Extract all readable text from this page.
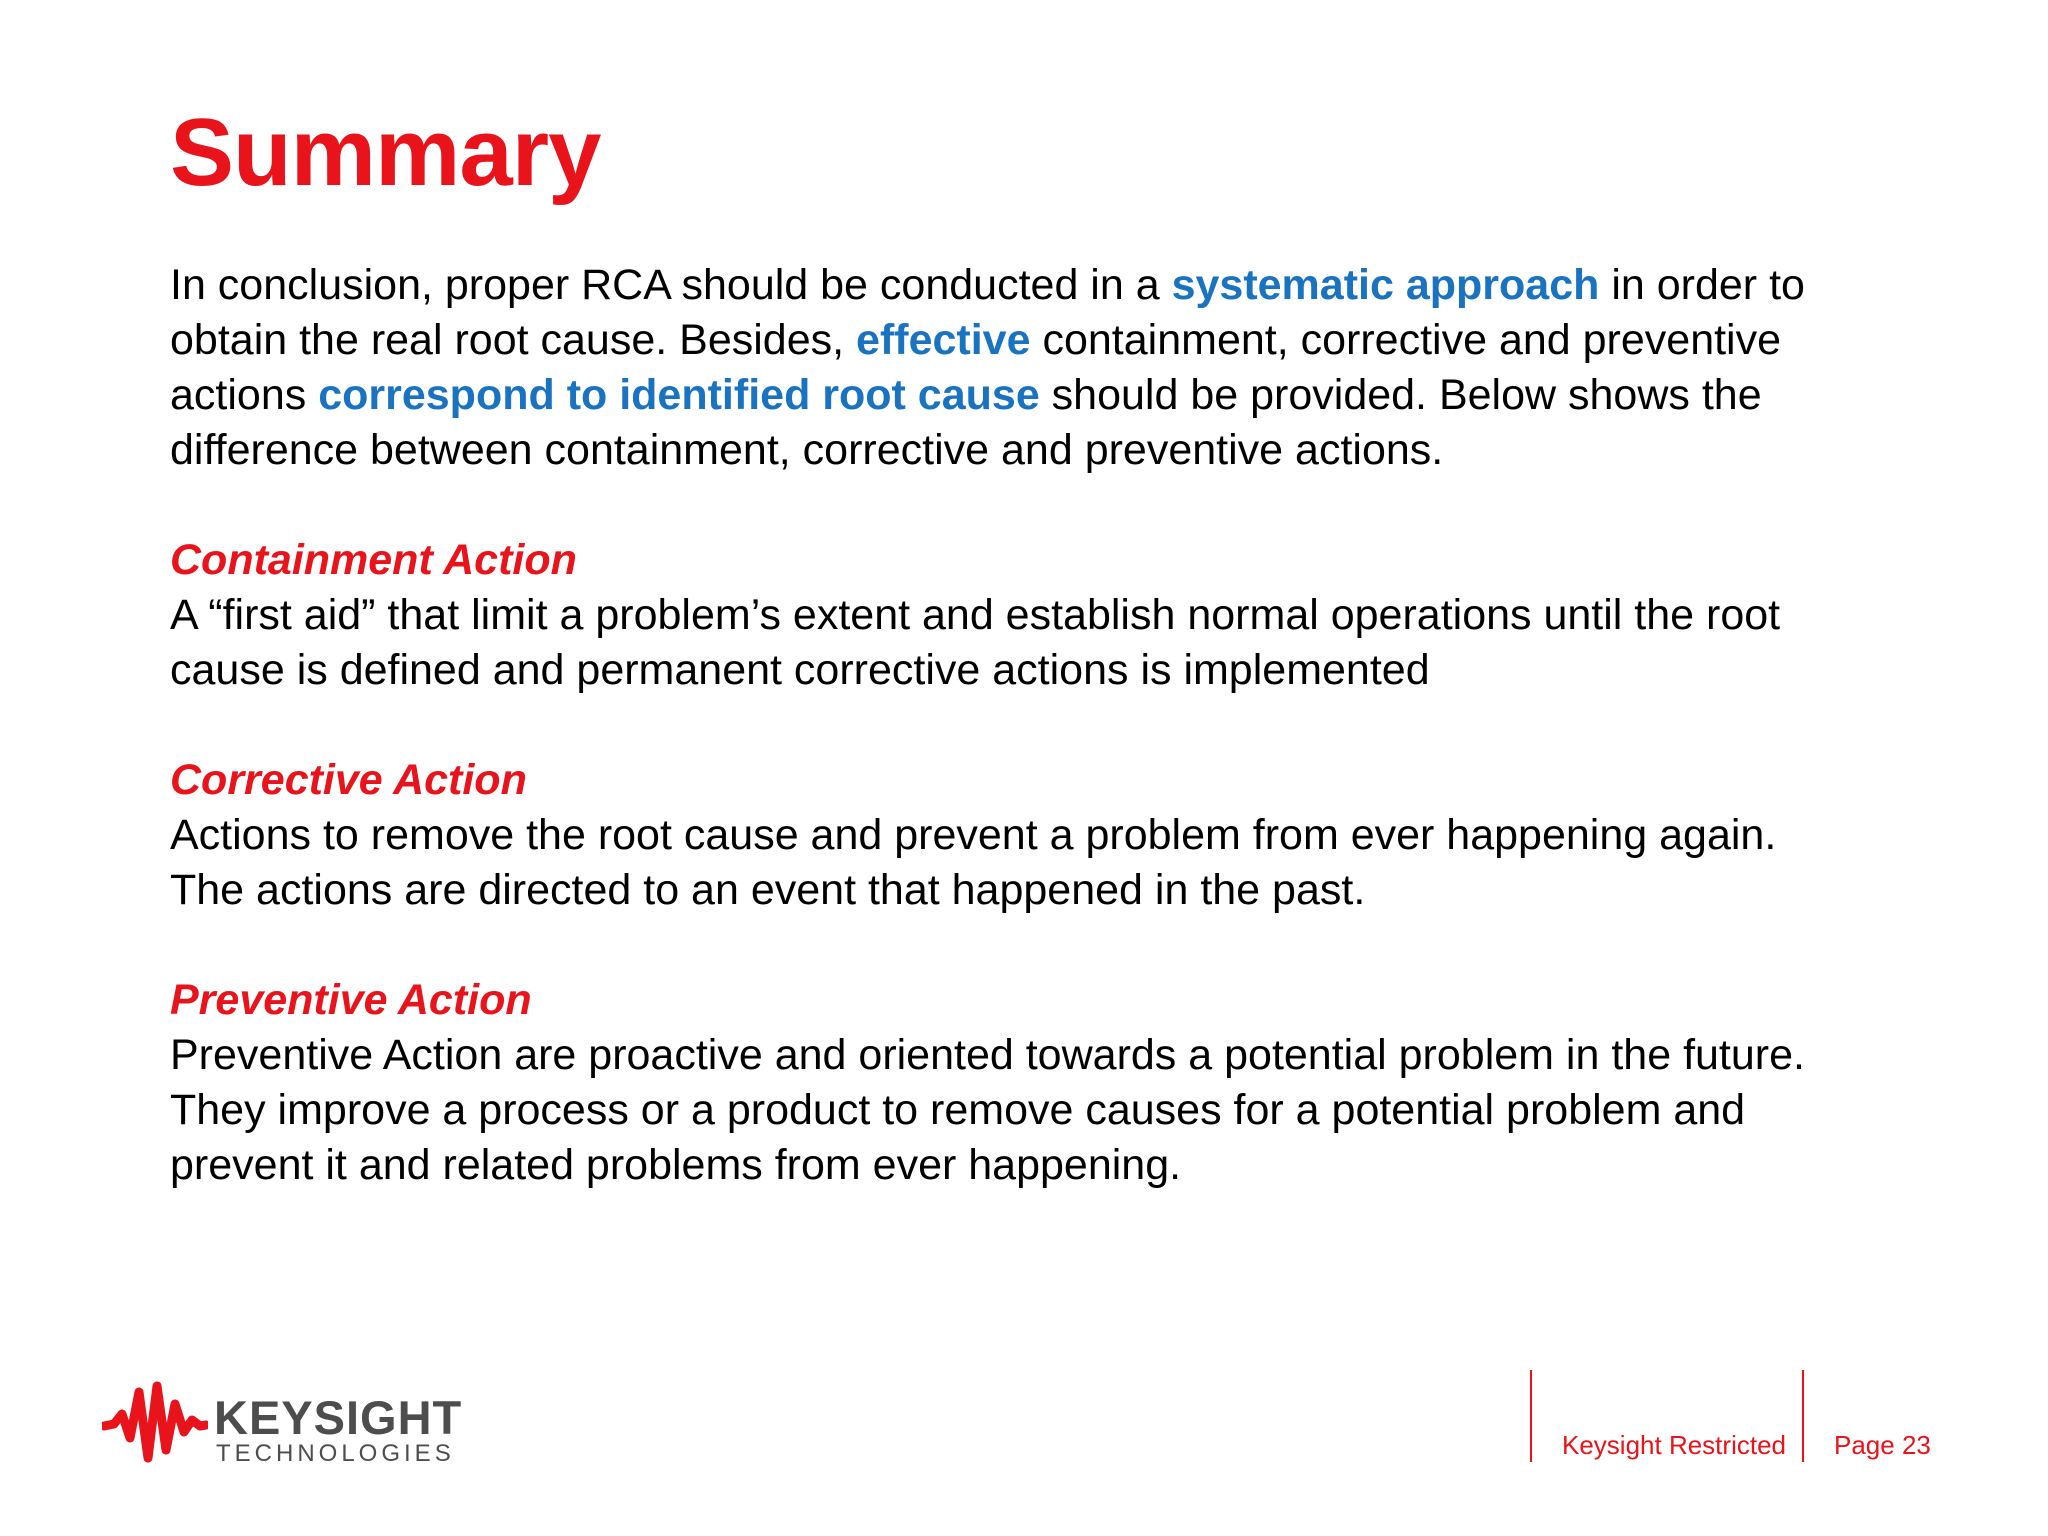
Summary

In conclusion, proper RCA should be conducted in a systematic approach in order to obtain the real root cause. Besides, effective containment, corrective and preventive actions correspond to identified root cause should be provided. Below shows the difference between containment, corrective and preventive actions.

Containment Action

A “first aid” that limit a problem’s extent and establish normal operations until the root cause is defined and permanent corrective actions is implemented

Corrective Action

Actions to remove the root cause and prevent a problem from ever happening again. The actions are directed to an event that happened in the past.

Preventive Action

Preventive Action are proactive and oriented towards a potential problem in the future. They improve a process or a product to remove causes for a potential problem and prevent it and related problems from ever happening.

KEYSIGHT
TECHNOLOGIES	Keysight Restricted Page 23
